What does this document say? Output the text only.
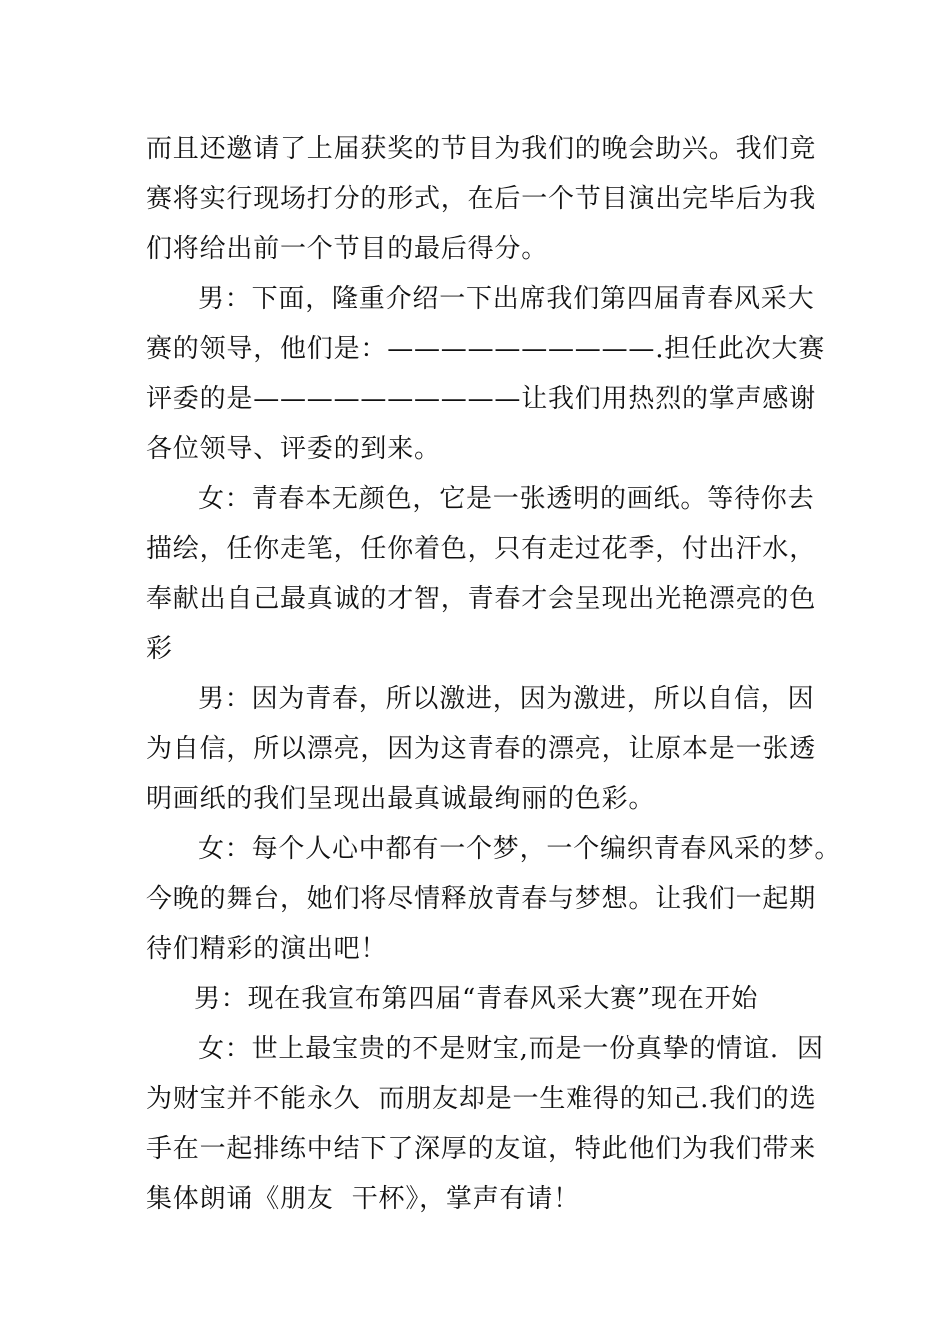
而且还邀请了上届获奖的节目为我们的晚会助兴。我们竞
赛将实行现场打分的形式，在后一个节目演出完毕后为我
们将给出前一个节目的最后得分。
男：下面，隆重介绍一下出席我们第四届青春风采大
赛的领导，他们是：——————————.担任此次大赛
评委的是——————————让我们用热烈的掌声感谢
各位领导、评委的到来。
女：青春本无颜色，它是一张透明的画纸。等待你去
描绘，任你走笔，任你着色，只有走过花季，付出汗水，
奉献出自己最真诚的才智，青春才会呈现出光艳漂亮的色
彩
男：因为青春，所以激进，因为激进，所以自信，因
为自信，所以漂亮，因为这青春的漂亮，让原本是一张透
明画纸的我们呈现出最真诚最绚丽的色彩。
女：每个人心中都有一个梦，一个编织青春风采的梦。
今晚的舞台，她们将尽情释放青春与梦想。让我们一起期
待们精彩的演出吧！
男：现在我宣布第四届“青春风采大赛”现在开始
女：世上最宝贵的不是财宝,而是一份真挚的情谊.  因
为财宝并不能永久  而朋友却是一生难得的知己.我们的选
手在一起排练中结下了深厚的友谊，特此他们为我们带来
集体朗诵《朋友  干杯》，掌声有请！
